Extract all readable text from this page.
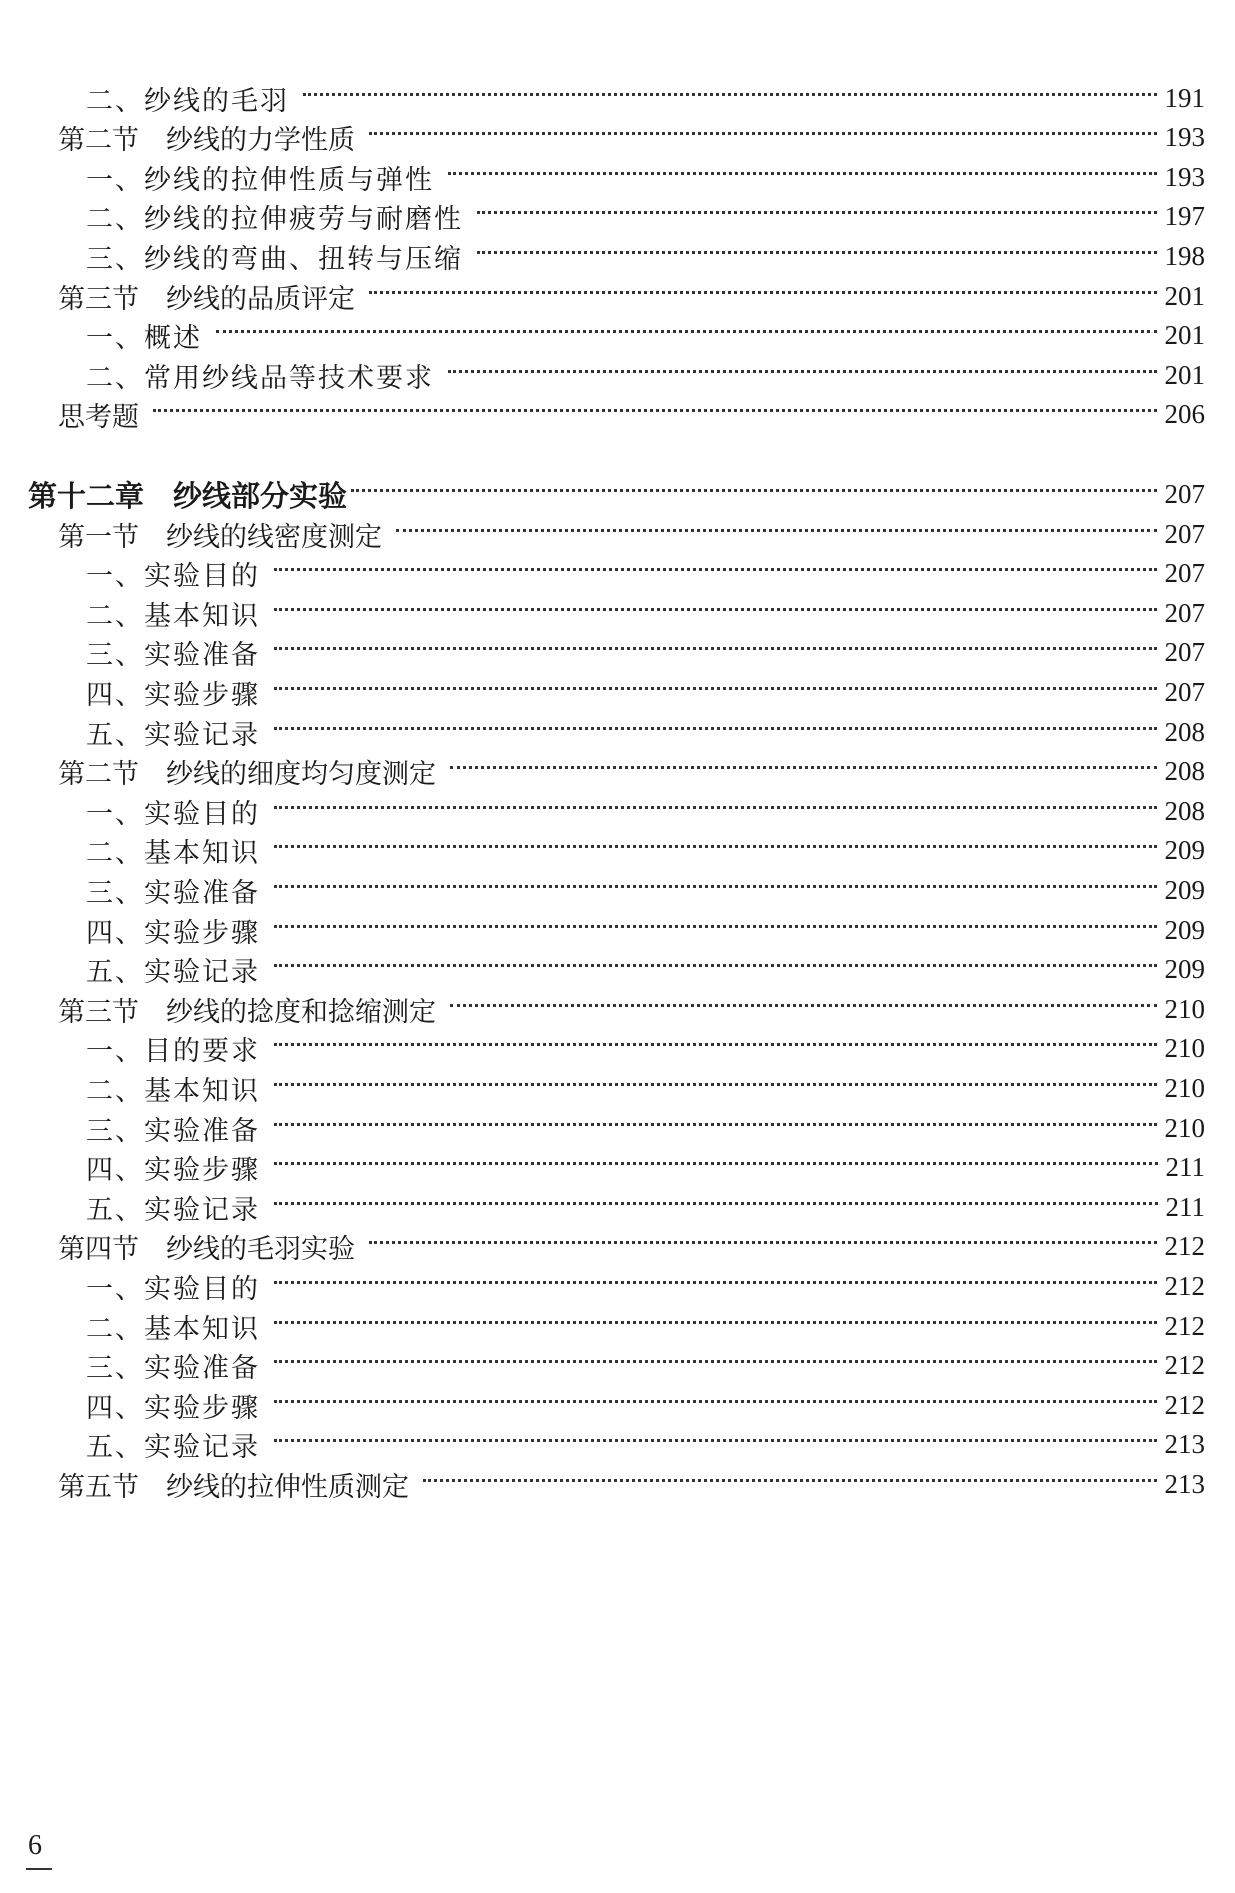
二、纱线的毛羽	191
第二节　纱线的力学性质	193
一、纱线的拉伸性质与弹性	193
二、纱线的拉伸疲劳与耐磨性	197
三、纱线的弯曲、扭转与压缩	198
第三节　纱线的品质评定	201
一、概述	201
二、常用纱线品等技术要求	201
思考题	206
第十二章　纱线部分实验	207
第一节　纱线的线密度测定	207
一、实验目的	207
二、基本知识	207
三、实验准备	207
四、实验步骤	207
五、实验记录	208
第二节　纱线的细度均匀度测定	208
一、实验目的	208
二、基本知识	209
三、实验准备	209
四、实验步骤	209
五、实验记录	209
第三节　纱线的捻度和捻缩测定	210
一、目的要求	210
二、基本知识	210
三、实验准备	210
四、实验步骤	211
五、实验记录	211
第四节　纱线的毛羽实验	212
一、实验目的	212
二、基本知识	212
三、实验准备	212
四、实验步骤	212
五、实验记录	213
第五节　纱线的拉伸性质测定	213
6
